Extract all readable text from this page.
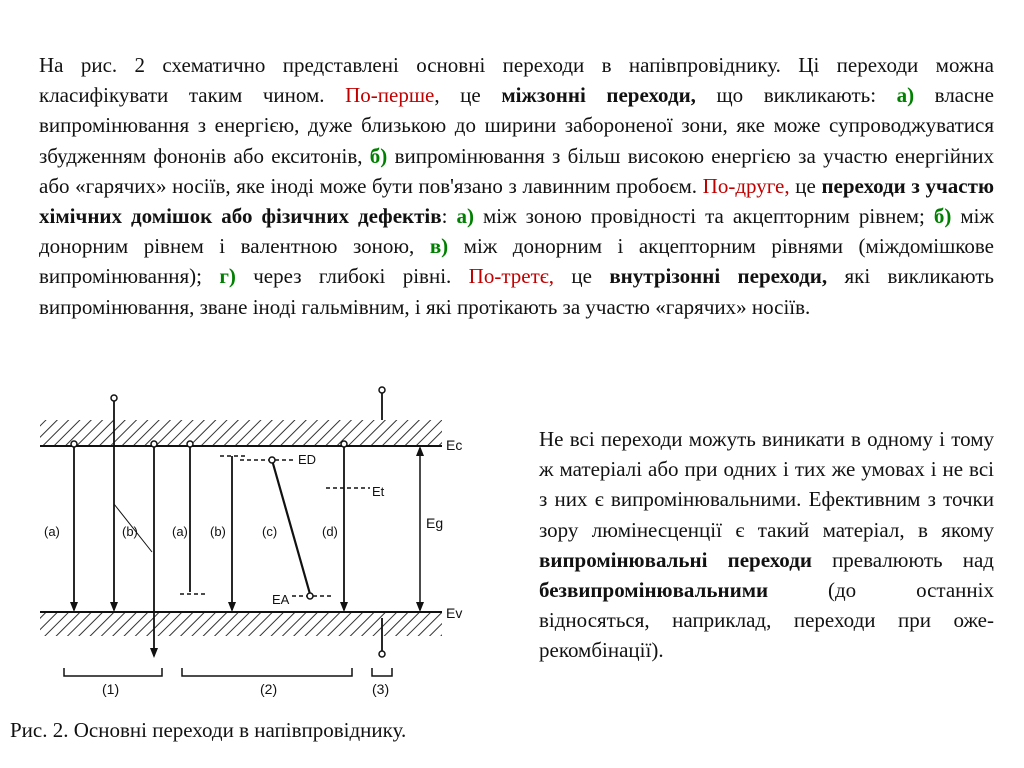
На рис. 2 схематично представлені основні переходи в напівпровіднику. Ці переходи можна класифікувати таким чином. По-перше, це міжзонні переходи, що викликають: а) власне випромінювання з енергією, дуже близькою до ширини забороненої зони, яке може супроводжуватися збудженням фононів або екситонів, б) випромінювання з більш високою енергією за участю енергійних або «гарячих» носіїв, яке іноді може бути пов'язано з лавинним пробоєм. По-друге, це переходи з участю хімічних домішок або фізичних дефектів: а) між зоною провідності та акцепторним рівнем; б) між донорним рівнем і валентною зоною, в) між донорним і акцепторним рівнями (міждомішкове випромінювання); г) через глибокі рівні. По-третє, це внутрізонні переходи, які викликають випромінювання, зване іноді гальмівним, і які протікають за участю «гарячих» носіїв.

Не всі переходи можуть виникати в одному і тому ж матеріалі або при одних і тих же умовах і не всі з них є випромінювальними. Ефективним з точки зору люмінесценції є такий матеріал, в якому випромінювальні переходи превалюють над безвипромінювальними (до останніх відносяться, наприклад, переходи при оже-рекомбінації).

Ec
Ev
Eg
(a)	(b)	(a) (b)
ED
EA
(c)
Et
(d)
(1)	(2)	(3)
Рис. 2. Основні переходи в напівпровіднику.
